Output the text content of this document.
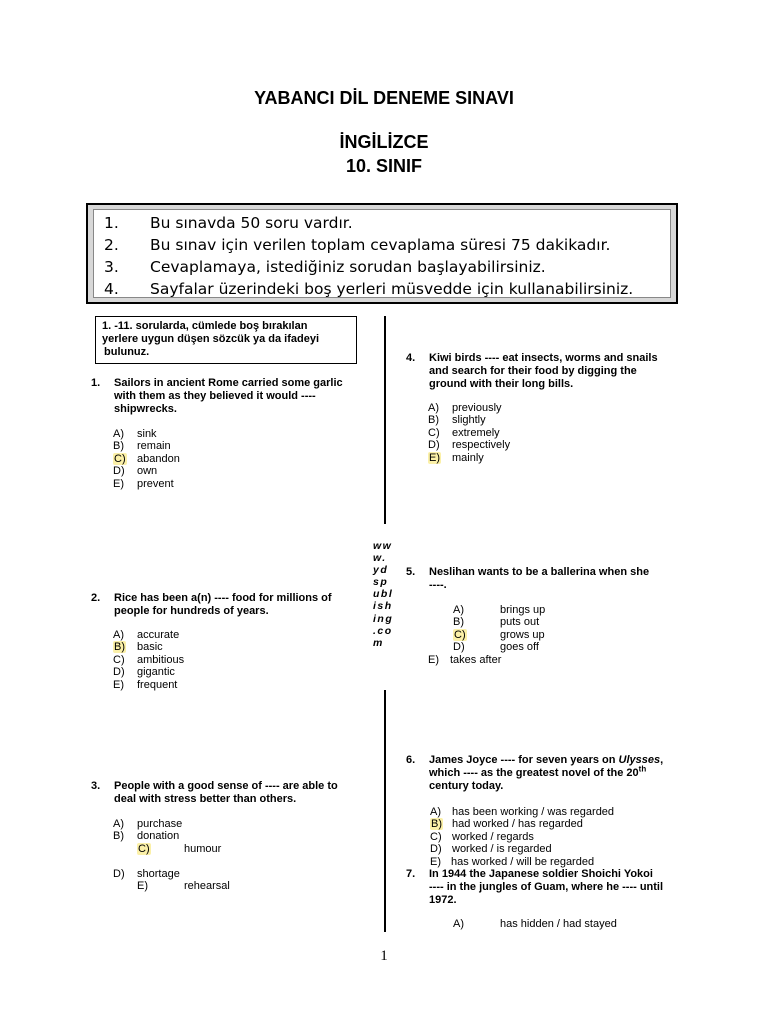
YABANCI DİL DENEME SINAVI
İNGİLİZCE
10. SINIF
1. Bu sınavda 50 soru vardır.
2. Bu sınav için verilen toplam cevaplama süresi 75 dakikadır.
3. Cevaplamaya, istediğiniz sorudan başlayabilirsiniz.
4. Sayfalar üzerindeki boş yerleri müsvedde için kullanabilirsiniz.
1. -11. sorularda, cümlede boş bırakılan
yerlere uygun düşen sözcük ya da ifadeyi
bulunuz.
ww
w.
yd
sp
ubl
ish
ing
.co
m
1. Sailors in ancient Rome carried some garlic
with them as they believed it would ----
shipwrecks.
A) sink
B) remain
C) abandon
D) own
E) prevent
2. Rice has been a(n) ---- food for millions of
people for hundreds of years.
A) accurate
B) basic
C) ambitious
D) gigantic
E) frequent
3. People with a good sense of ---- are able to
deal with stress better than others.
A) purchase
B) donation
C)	humour
D) shortage
E)	rehearsal
4. Kiwi birds ---- eat insects, worms and snails
and search for their food by digging the
ground with their long bills.
A) previously
B) slightly
C) extremely
D) respectively
E) mainly
5. Neslihan wants to be a ballerina when she
----.
A)	brings up
B)	puts out
C)	grows up
D)	goes off
E) takes after
6. James Joyce ---- for seven years on Ulysses,
which ---- as the greatest novel of the 20th
century today.
A) has been working / was regarded
B) had worked / has regarded
C) worked / regards
D) worked / is regarded
E) has worked / will be regarded
7. In 1944 the Japanese soldier Shoichi Yokoi
---- in the jungles of Guam, where he ---- until
1972.
A)	has hidden / had stayed
1
